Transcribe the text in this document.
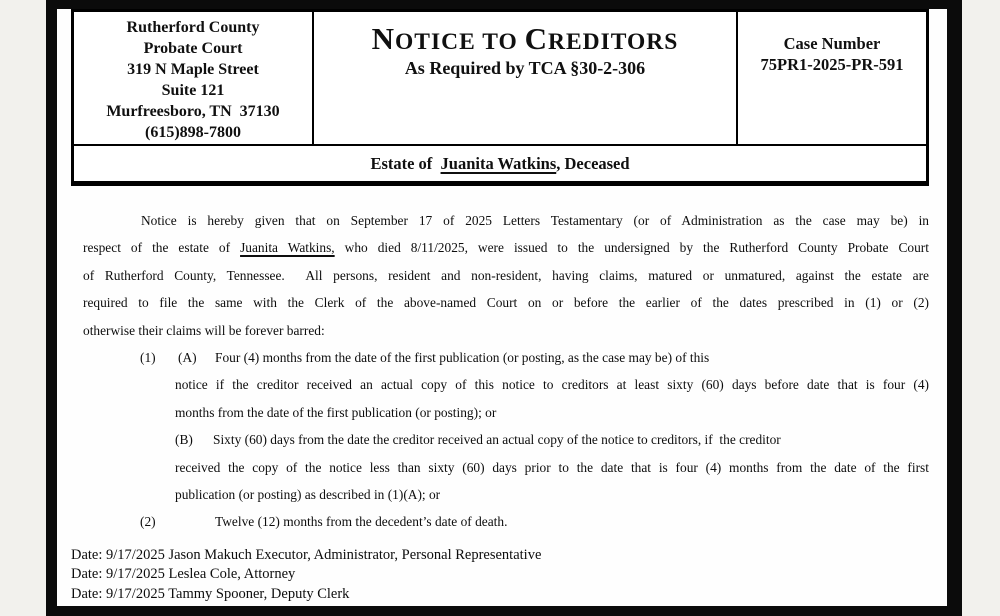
Rutherford County
Probate Court
319 N Maple Street
Suite 121
Murfreesboro, TN  37130
(615)898-7800
NOTICE TO CREDITORS
As Required by TCA §30-2-306
Case Number
75PR1-2025-PR-591
Estate of  Juanita Watkins, Deceased
Notice is hereby given that on September 17 of 2025 Letters Testamentary (or of Administration as the case may be) in
respect of the estate of Juanita Watkins, who died 8/11/2025, were issued to the undersigned by the Rutherford County Probate Court
of Rutherford County, Tennessee.  All persons, resident and non-resident, having claims, matured or unmatured, against the estate are
required to file the same with the Clerk of the above-named Court on or before the earlier of the dates prescribed in (1) or (2)
otherwise their claims will be forever barred:
(1) (A) Four (4) months from the date of the first publication (or posting, as the case may be) of this
notice if the creditor received an actual copy of this notice to creditors at least sixty (60) days before date that is four (4)
months from the date of the first publication (or posting); or
(B) Sixty (60) days from the date the creditor received an actual copy of the notice to creditors, if  the creditor
received the copy of the notice less than sixty (60) days prior to the date that is four (4) months from the date of the first
publication (or posting) as described in (1)(A); or
(2)	Twelve (12) months from the decedent’s date of death.
Date: 9/17/2025 Jason Makuch Executor, Administrator, Personal Representative
Date: 9/17/2025 Leslea Cole, Attorney
Date: 9/17/2025 Tammy Spooner, Deputy Clerk
